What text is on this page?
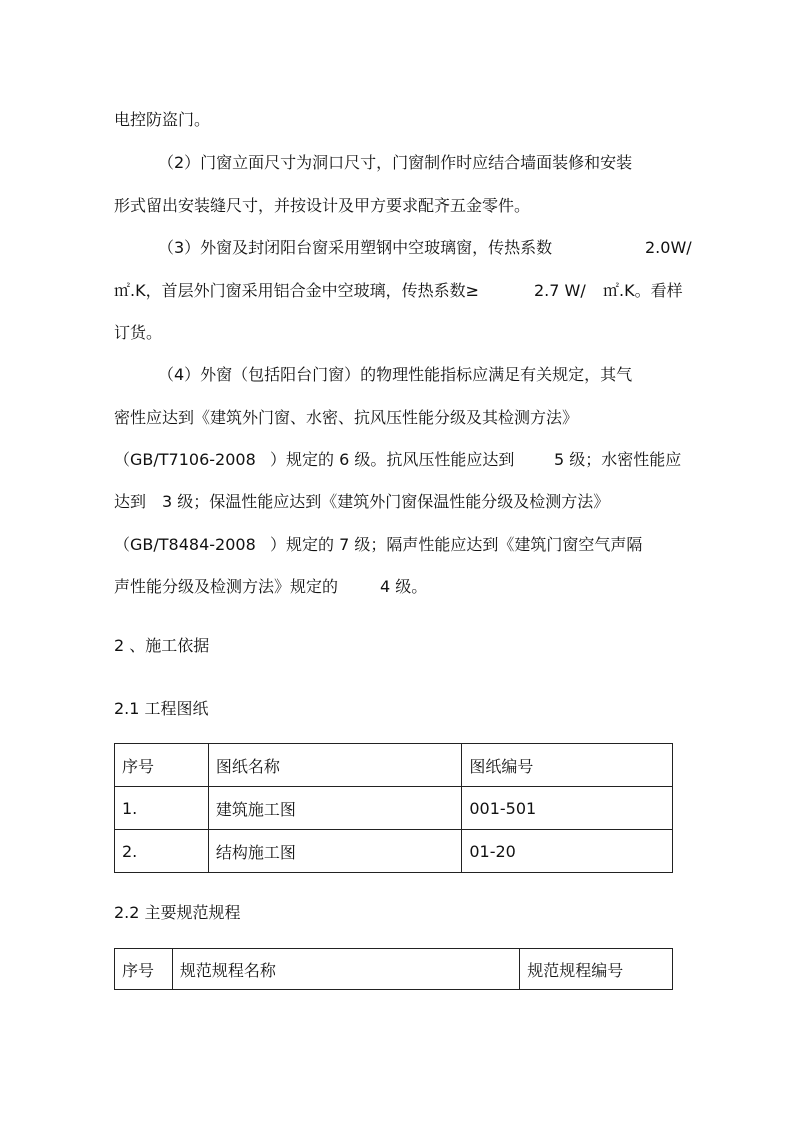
电控防盗门。
（2）门窗立面尺寸为洞口尺寸，门窗制作时应结合墙面装修和安装
形式留出安装缝尺寸，并按设计及甲方要求配齐五金零件。
（3）外窗及封闭阳台窗采用塑钢中空玻璃窗，传热系数	2.0W/
㎡.K，首层外门窗采用铝合金中空玻璃，传热系数≥	2.7 W/ ㎡.K。看样
订货。
（4）外窗（包括阳台门窗）的物理性能指标应满足有关规定，其气
密性应达到《建筑外门窗、水密、抗风压性能分级及其检测方法》
（GB/T7106-2008 ）规定的 6 级。抗风压性能应达到 5 级；水密性能应
达到 3 级；保温性能应达到《建筑外门窗保温性能分级及检测方法》
（GB/T8484-2008 ）规定的 7 级；隔声性能应达到《建筑门窗空气声隔
声性能分级及检测方法》规定的	4 级。
2 、施工依据
2.1 工程图纸
序号	图纸名称	图纸编号
1.	建筑施工图	001-501
2.	结构施工图	01-20
2.2 主要规范规程
序号	规范规程名称	规范规程编号
